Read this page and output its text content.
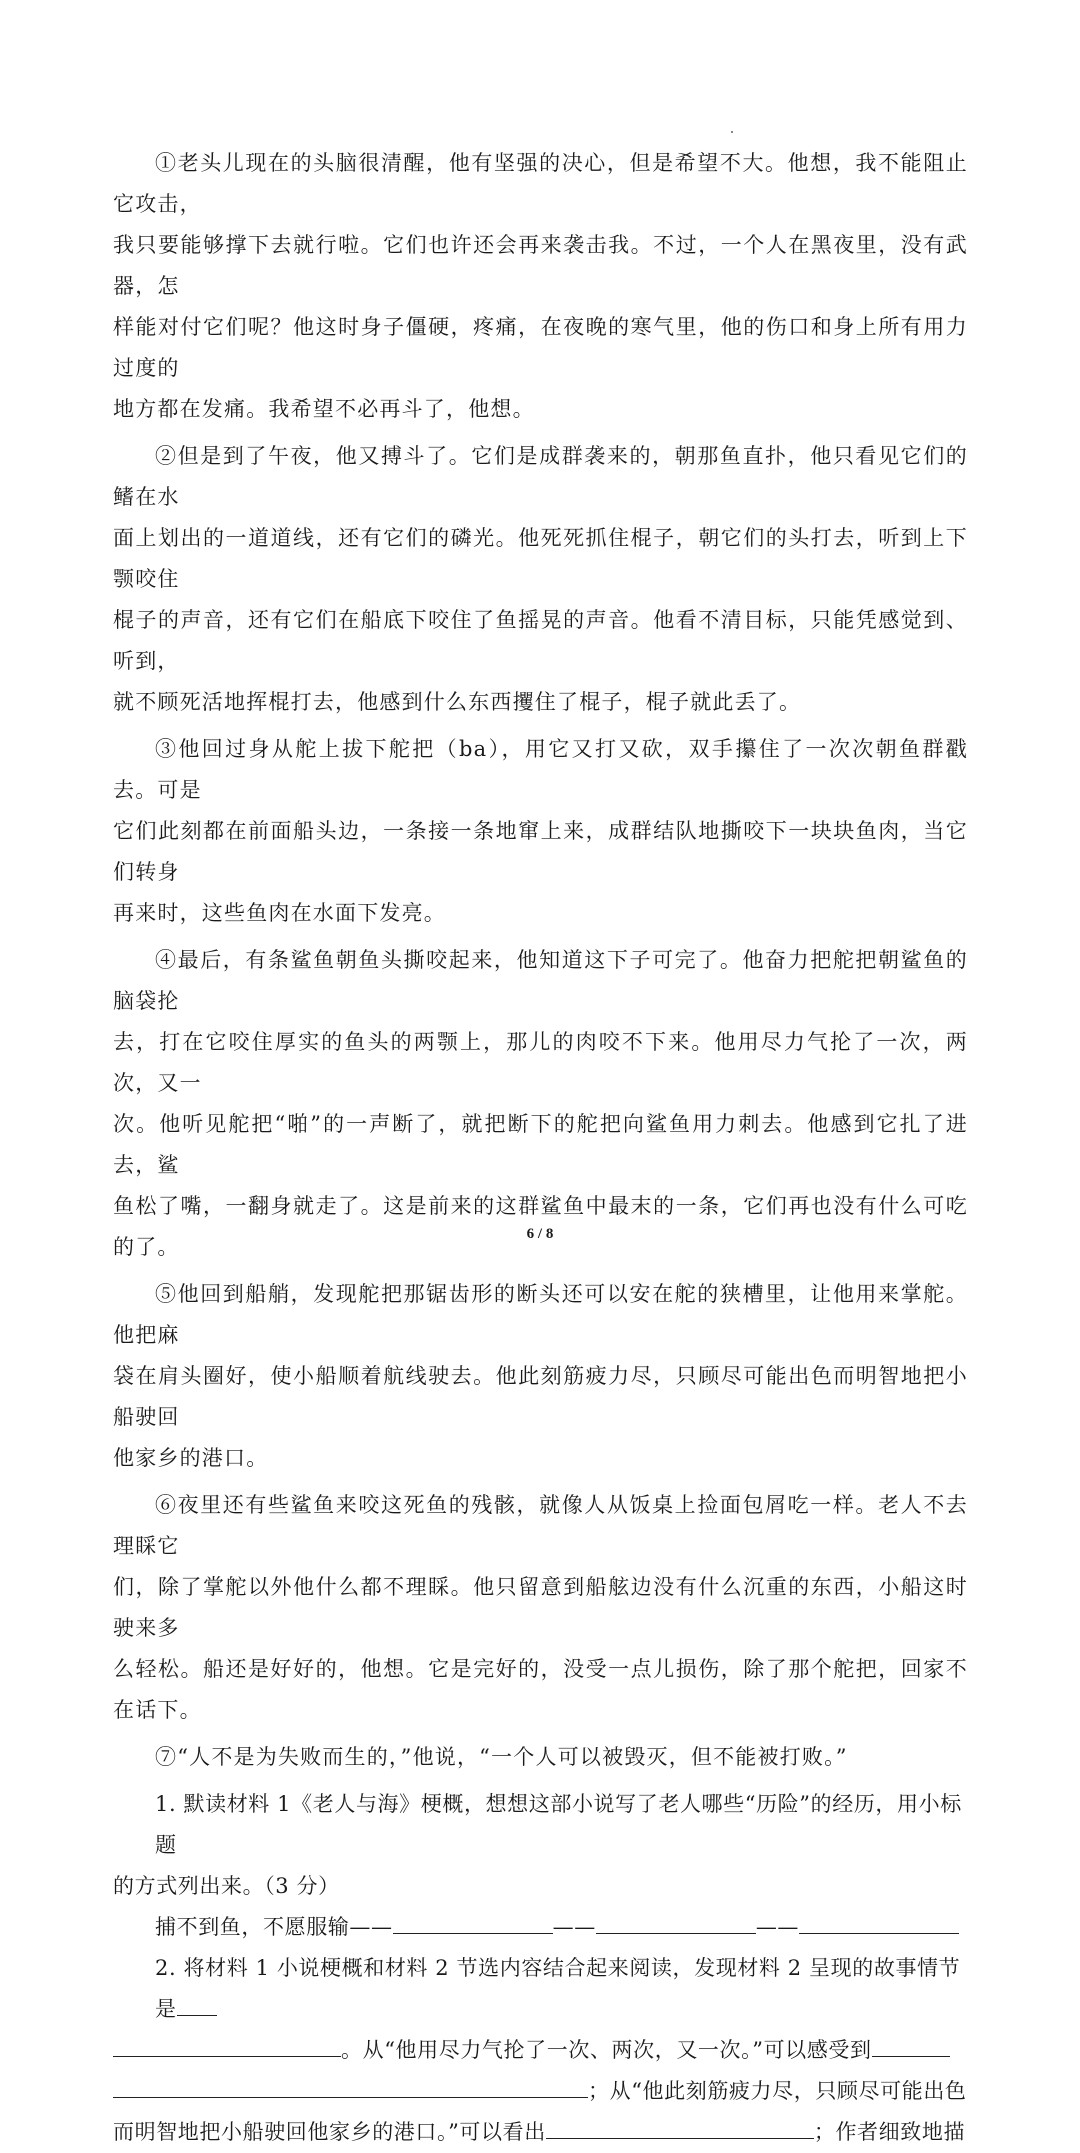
①老头儿现在的头脑很清醒，他有坚强的决心，但是希望不大。他想，我不能阻止它攻击，
我只要能够撑下去就行啦。它们也许还会再来袭击我。不过，一个人在黑夜里，没有武器，怎
样能对付它们呢？他这时身子僵硬，疼痛，在夜晚的寒气里，他的伤口和身上所有用力过度的
地方都在发痛。我希望不必再斗了，他想。

②但是到了午夜，他又搏斗了。它们是成群袭来的，朝那鱼直扑，他只看见它们的鳍在水
面上划出的一道道线，还有它们的磷光。他死死抓住棍子，朝它们的头打去，听到上下颚咬住
棍子的声音，还有它们在船底下咬住了鱼摇晃的声音。他看不清目标，只能凭感觉到、听到，
就不顾死活地挥棍打去，他感到什么东西攫住了棍子，棍子就此丢了。

③他回过身从舵上拔下舵把（ba），用它又打又砍，双手攥住了一次次朝鱼群戳去。可是
它们此刻都在前面船头边，一条接一条地窜上来，成群结队地撕咬下一块块鱼肉，当它们转身
再来时，这些鱼肉在水面下发亮。

④最后，有条鲨鱼朝鱼头撕咬起来，他知道这下子可完了。他奋力把舵把朝鲨鱼的脑袋抡
去，打在它咬住厚实的鱼头的两颚上，那儿的肉咬不下来。他用尽力气抡了一次，两次，又一
次。他听见舵把“啪”的一声断了，就把断下的舵把向鲨鱼用力刺去。他感到它扎了进去，鲨
鱼松了嘴，一翻身就走了。这是前来的这群鲨鱼中最末的一条，它们再也没有什么可吃的了。

⑤他回到船艄，发现舵把那锯齿形的断头还可以安在舵的狭槽里，让他用来掌舵。他把麻
袋在肩头圈好，使小船顺着航线驶去。他此刻筋疲力尽，只顾尽可能出色而明智地把小船驶回
他家乡的港口。

⑥夜里还有些鲨鱼来咬这死鱼的残骸，就像人从饭桌上捡面包屑吃一样。老人不去理睬它
们，除了掌舵以外他什么都不理睬。他只留意到船舷边没有什么沉重的东西，小船这时驶来多
么轻松。船还是好好的，他想。它是完好的，没受一点儿损伤，除了那个舵把，回家不在话下。

⑦“人不是为失败而生的，”他说，“一个人可以被毁灭，但不能被打败。”

1. 默读材料 1《老人与海》梗概，想想这部小说写了老人哪些“历险”的经历，用小标题
的方式列出来。（3 分）

捕不到鱼，不愿服输——	——	——

2. 将材料 1 小说梗概和材料 2 节选内容结合起来阅读，发现材料 2 呈现的故事情节是
。从“他用尽力气抡了一次、两次，又一次。”可以感受到
；从“他此刻筋疲力尽，只顾尽可能出色
而明智地把小船驶回他家乡的港口。”可以看出	；作者细致地描

6 / 8
